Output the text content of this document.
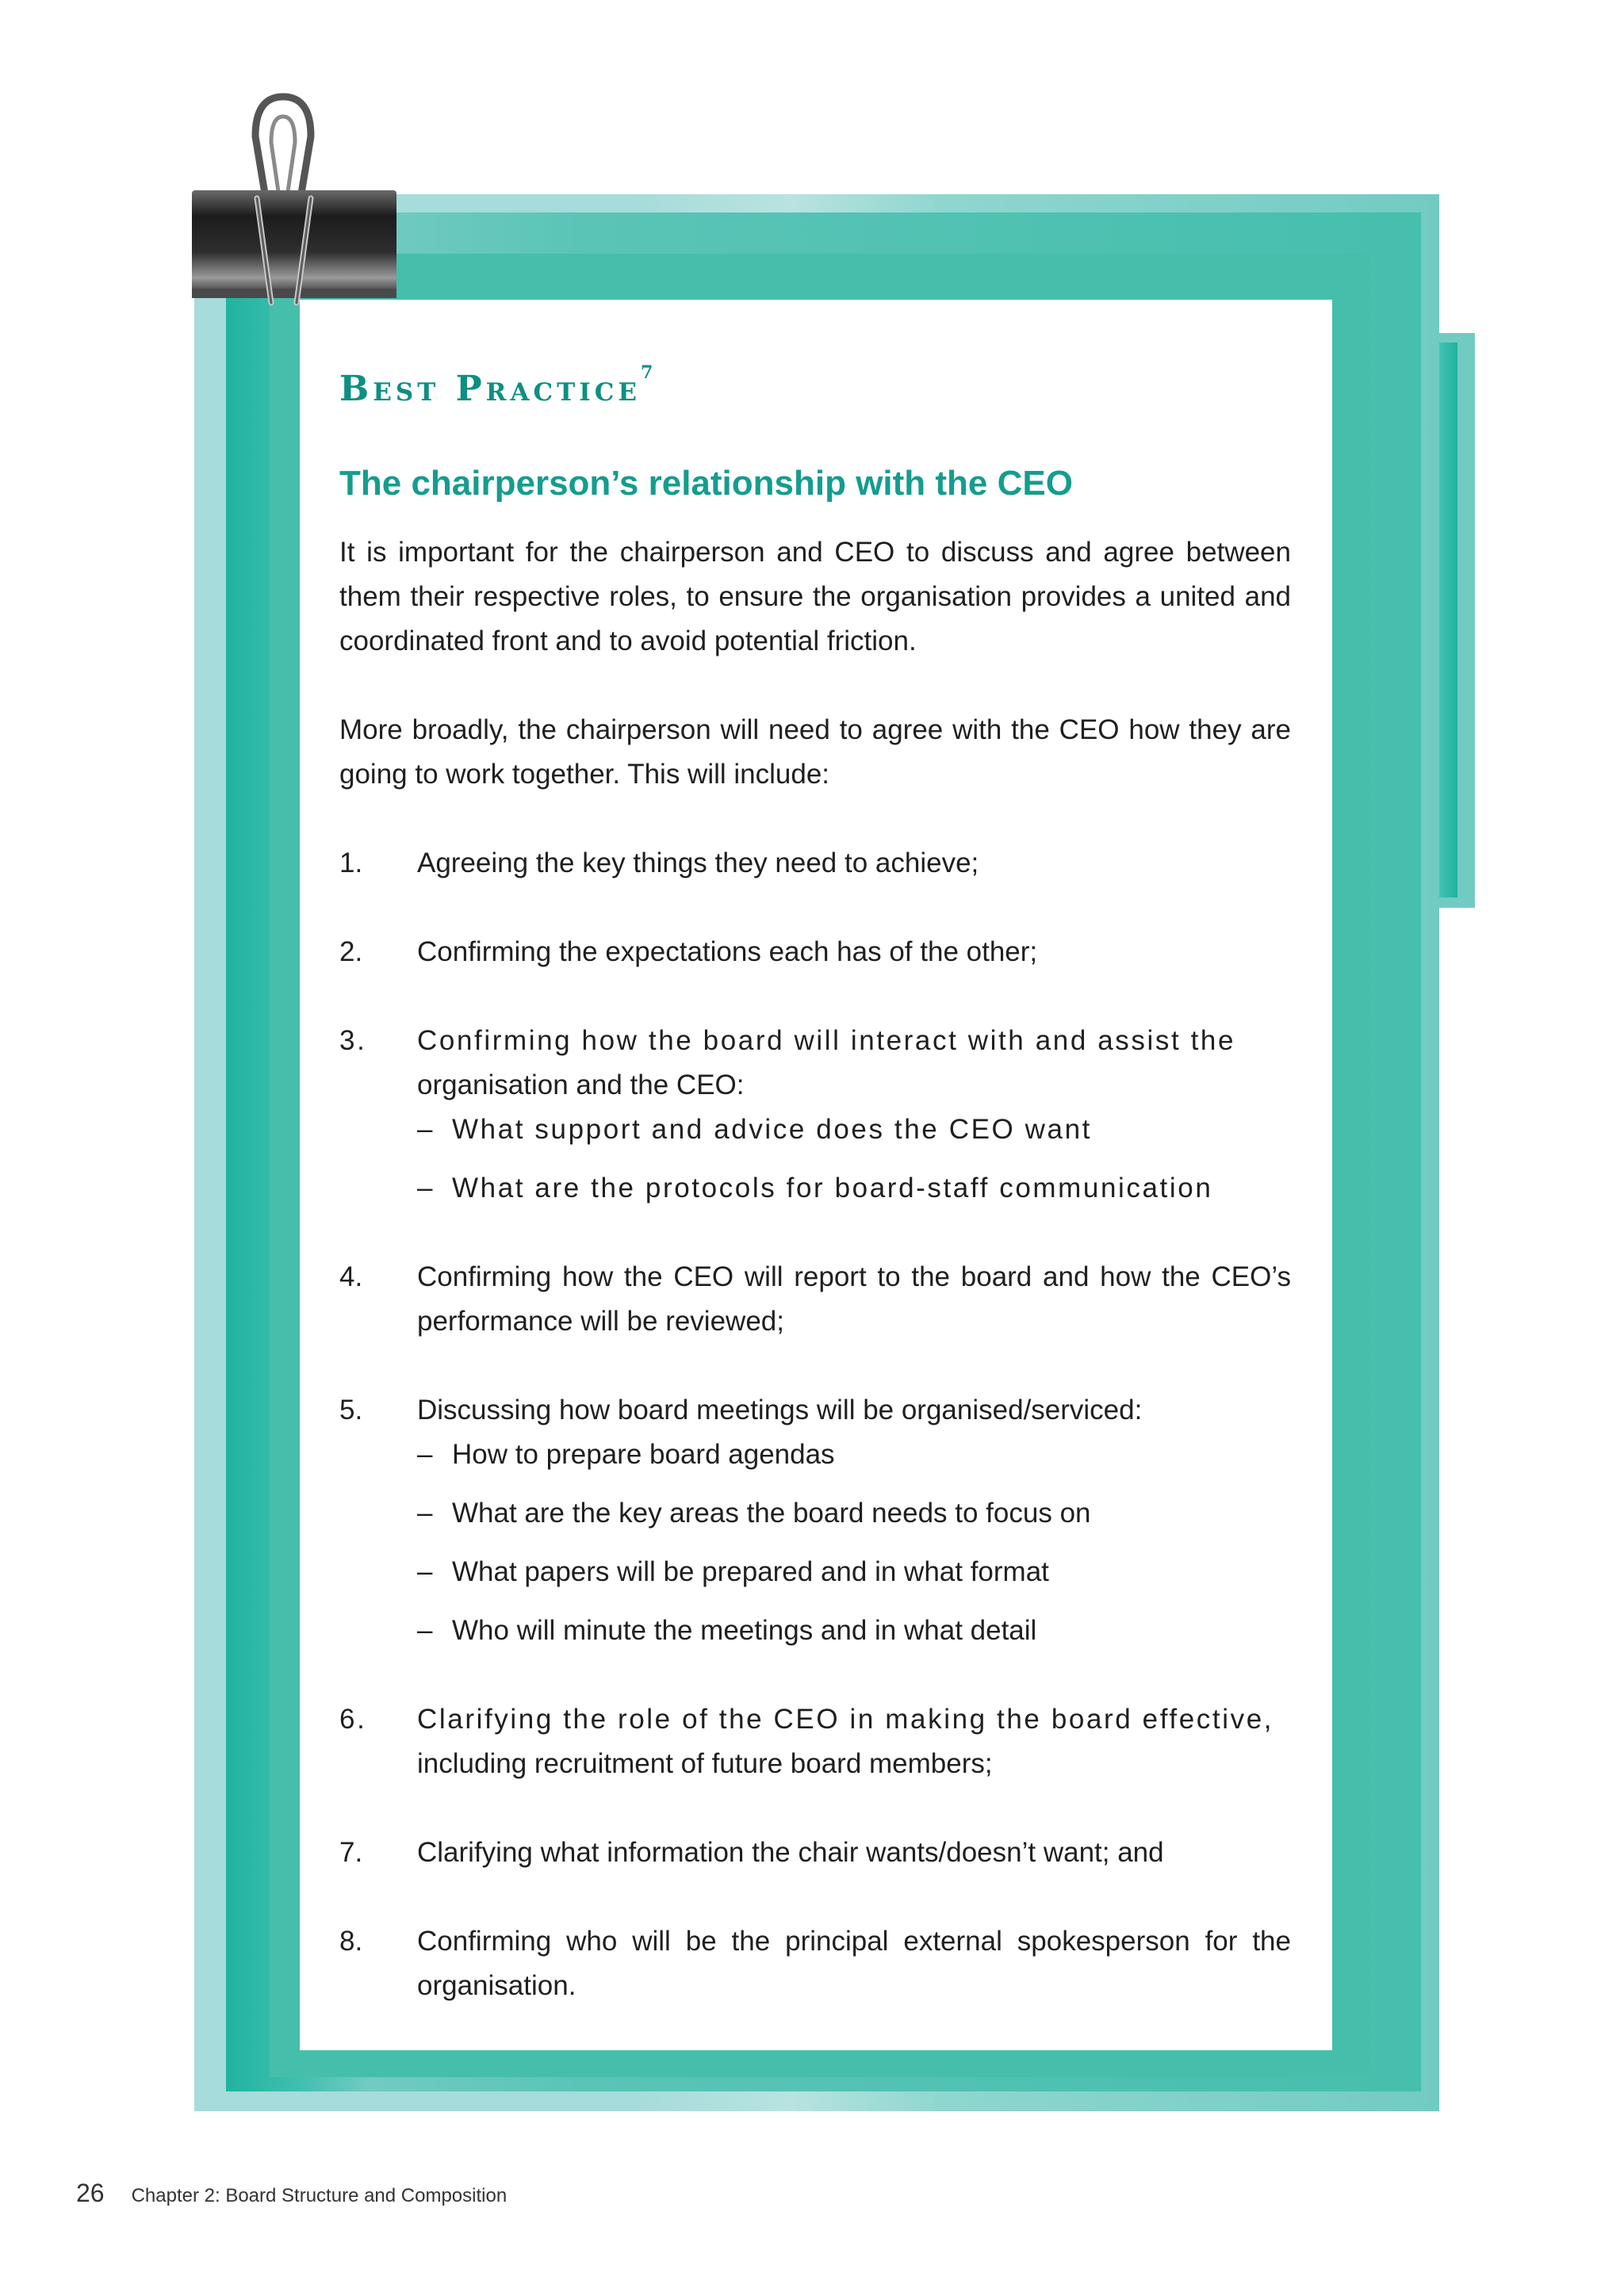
Best Practice$^7$
The chairperson’s relationship with the CEO

It is important for the chairperson and CEO to discuss and agree between them their respective roles, to ensure the organisation provides a united and coordinated front and to avoid potential friction.

More broadly, the chairperson will need to agree with the CEO how they are going to work together. This will include:

1.	Agreeing the key things they need to achieve;
2.	Confirming the expectations each has of the other;
3.	Confirming how the board will interact with and assist the
organisation and the CEO:
– What support and advice does the CEO want
– What are the protocols for board-staff communication
4.	Confirming how the CEO will report to the board and how the CEO’s performance will be reviewed;
5.	Discussing how board meetings will be organised/serviced:
– How to prepare board agendas
– What are the key areas the board needs to focus on
– What papers will be prepared and in what format
– Who will minute the meetings and in what detail
6.	Clarifying the role of the CEO in making the board effective,
including recruitment of future board members;
7.	Clarifying what information the chair wants/doesn’t want; and
8.	Confirming who will be the principal external spokesperson for the organisation.
26 Chapter 2: Board Structure and Composition
